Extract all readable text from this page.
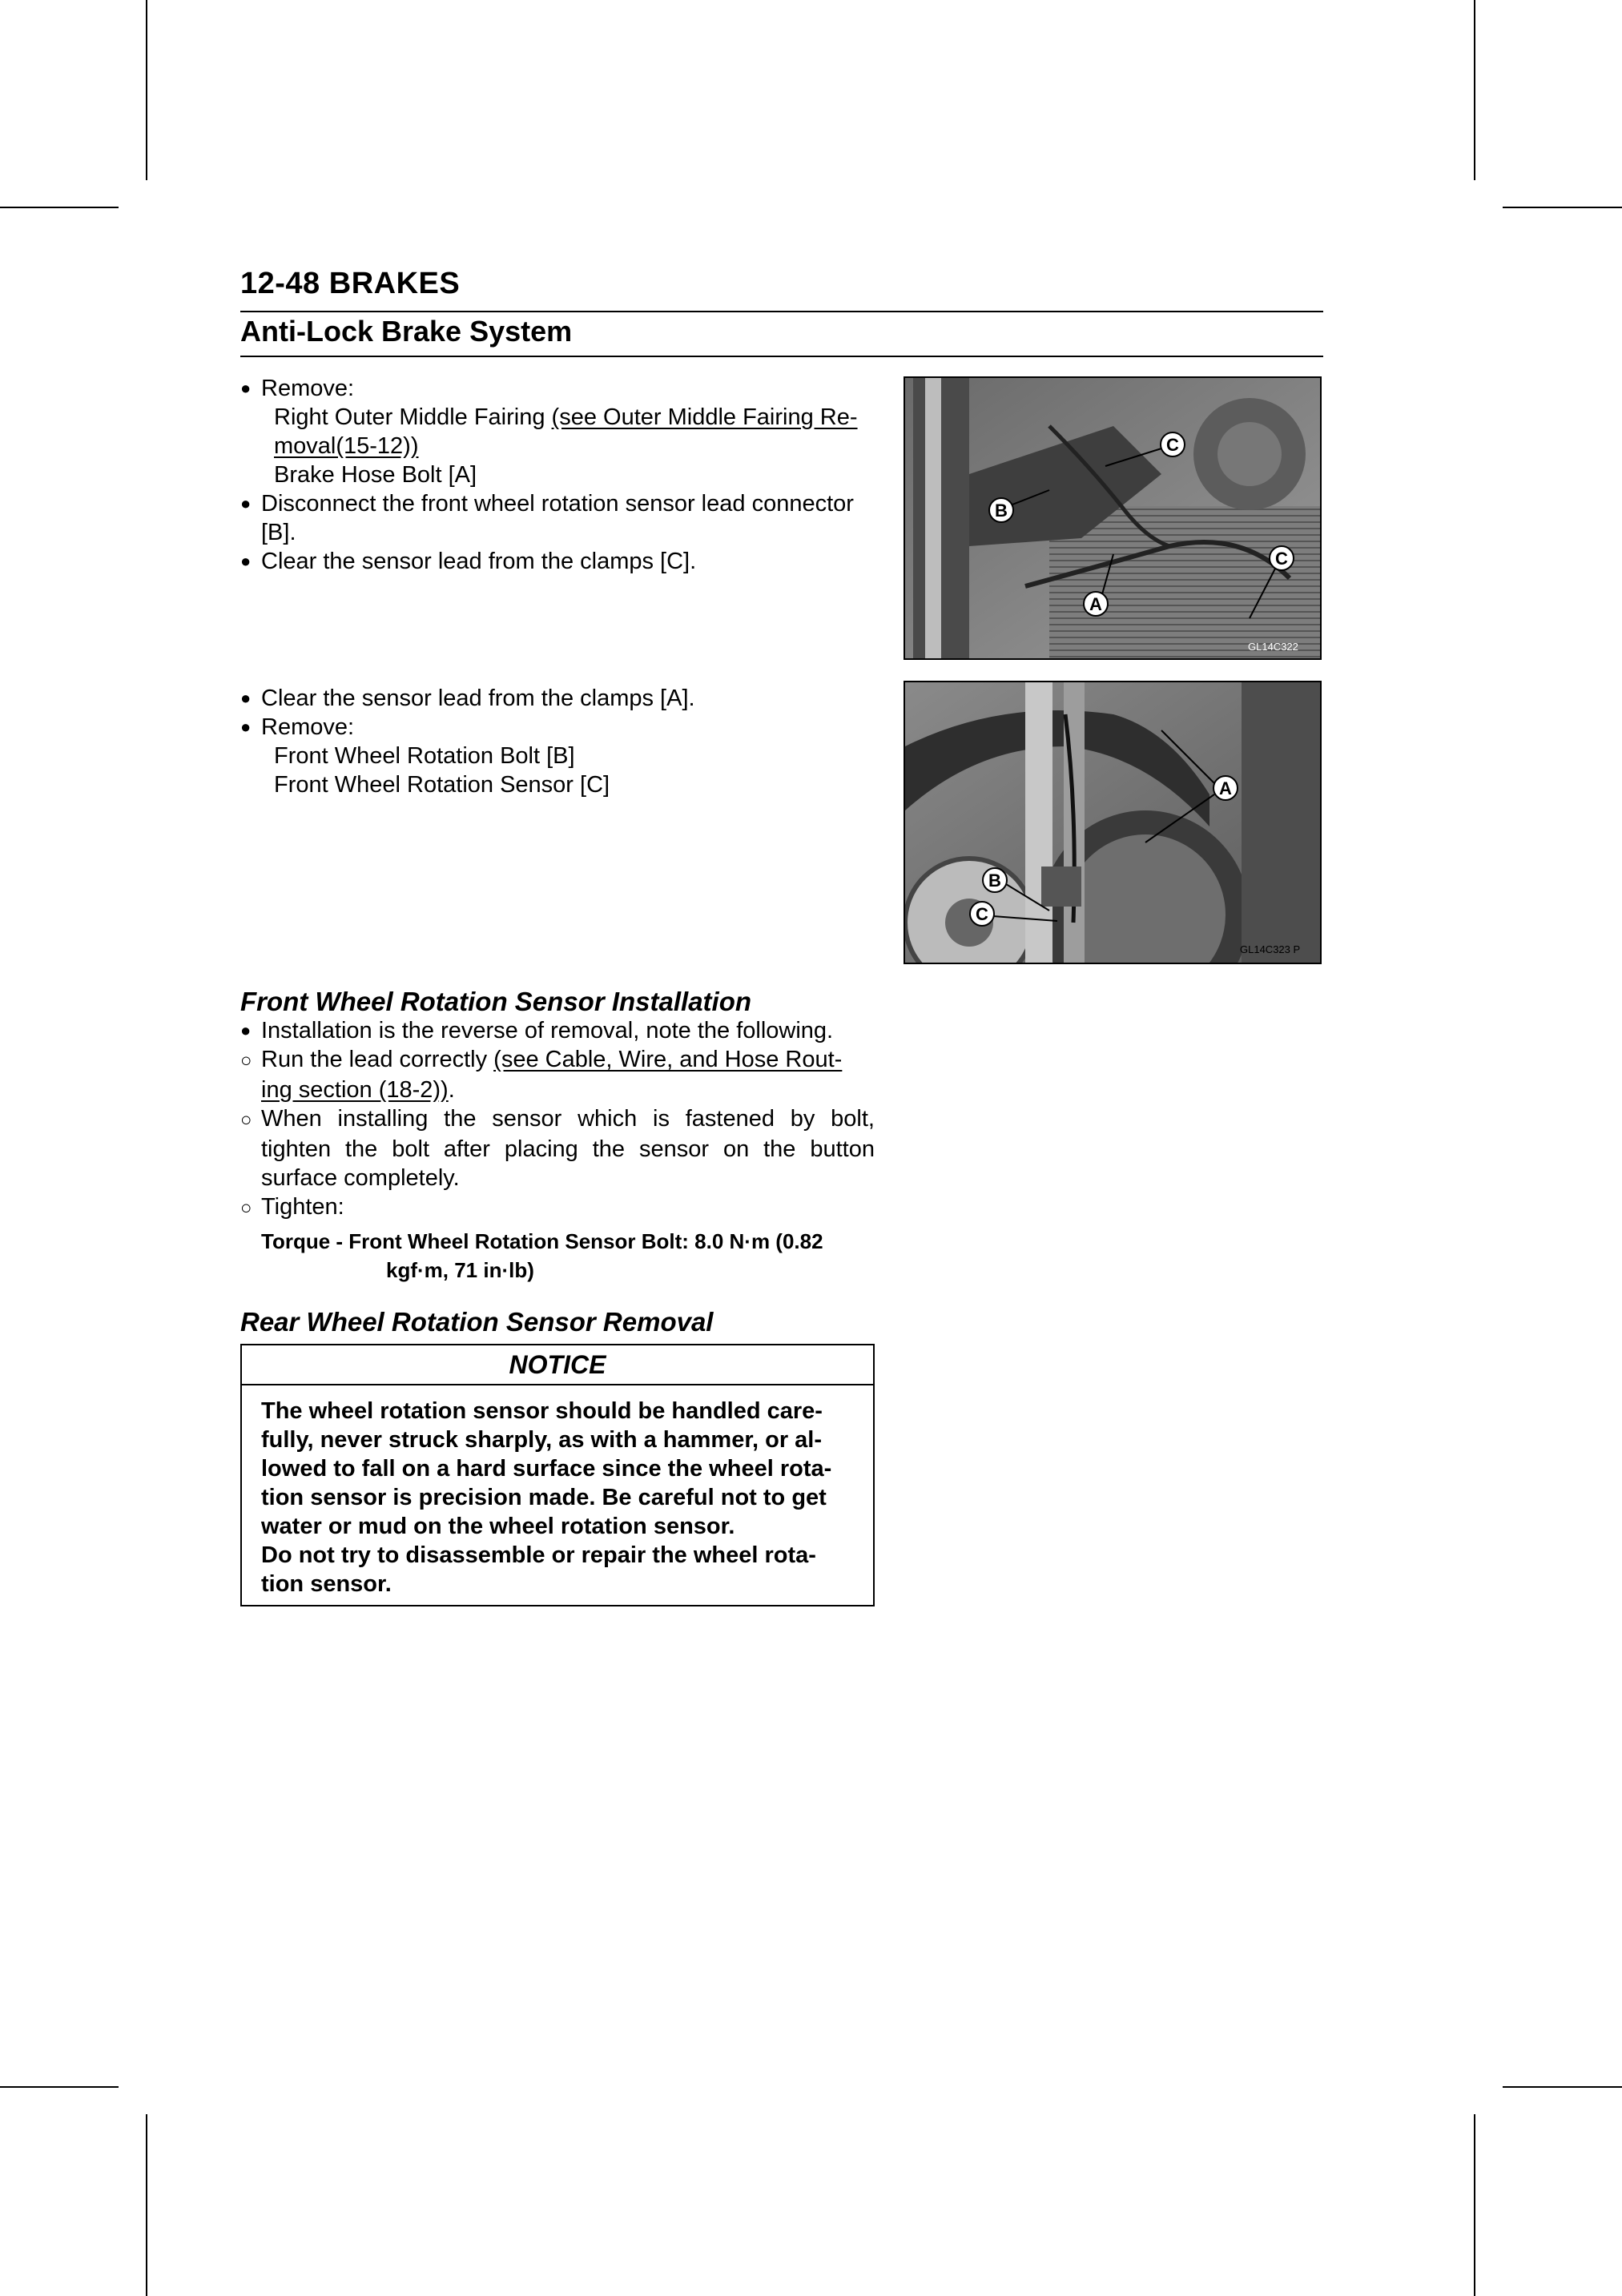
12-48 BRAKES
Anti-Lock Brake System
● Remove:
Right Outer Middle Fairing (see Outer Middle Fairing Re-
moval(15-12))
Brake Hose Bolt [A]
● Disconnect the front wheel rotation sensor lead connector
[B].
● Clear the sensor lead from the clamps [C].
C
B
C
A
GL14C322
● Clear the sensor lead from the clamps [A].
● Remove:
Front Wheel Rotation Bolt [B]
Front Wheel Rotation Sensor [C]	A
B
C
GL14C323 P
Front Wheel Rotation Sensor Installation
● Installation is the reverse of removal, note the following.
○ Run the lead correctly (see Cable, Wire, and Hose Rout-
ing section (18-2)).
○ When installing the sensor which is fastened by bolt,
tighten the bolt after placing the sensor on the button
surface completely.
○ Tighten:
Torque - Front Wheel Rotation Sensor Bolt: 8.0 N·m (0.82
kgf·m, 71 in·lb)
Rear Wheel Rotation Sensor Removal
NOTICE
The wheel rotation sensor should be handled care-
fully, never struck sharply, as with a hammer, or al-
lowed to fall on a hard surface since the wheel rota-
tion sensor is precision made. Be careful not to get
water or mud on the wheel rotation sensor.
Do not try to disassemble or repair the wheel rota-
tion sensor.
